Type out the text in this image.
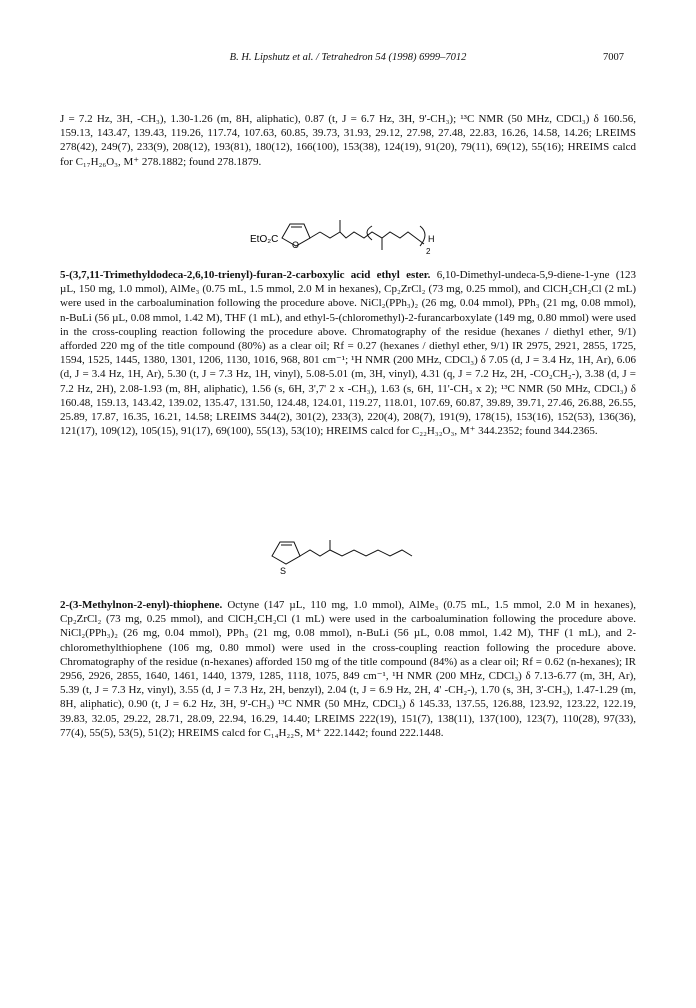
B. H. Lipshutz et al. / Tetrahedron 54 (1998) 6999–7012	7007

J = 7.2 Hz, 3H, -CH₃), 1.30-1.26 (m, 8H, aliphatic), 0.87 (t, J = 6.7 Hz, 3H, 9'-CH₃); ¹³C NMR (50 MHz, CDCl₃) δ 160.56, 159.13, 143.47, 139.43, 119.26, 117.74, 107.63, 60.85, 39.73, 31.93, 29.12, 27.98, 27.48, 22.83, 16.26, 14.58, 14.26; LREIMS 278(42), 249(7), 233(9), 208(12), 193(81), 180(12), 166(100), 153(38), 124(19), 91(20), 79(11), 69(12), 55(16); HREIMS calcd for C₁₇H₂₆O₃, M⁺ 278.1882; found 278.1879.

EtO₂C O
H
2

5-(3,7,11-Trimethyldodeca-2,6,10-trienyl)-furan-2-carboxylic acid ethyl ester. 6,10-Dimethyl-undeca-5,9-diene-1-yne (123 µL, 150 mg, 1.0 mmol), AlMe₃ (0.75 mL, 1.5 mmol, 2.0 M in hexanes), Cp₂ZrCl₂ (73 mg, 0.25 mmol), and ClCH₂CH₂Cl (2 mL) were used in the carboalumination following the procedure above. NiCl₂(PPh₃)₂ (26 mg, 0.04 mmol), PPh₃ (21 mg, 0.08 mmol), n-BuLi (56 µL, 0.08 mmol, 1.42 M), THF (1 mL), and ethyl-5-(chloromethyl)-2-furancarboxylate (149 mg, 0.80 mmol) were used in the cross-coupling reaction following the procedure above. Chromatography of the residue (hexanes / diethyl ether, 9/1) afforded 220 mg of the title compound (80%) as a clear oil; Rf = 0.27 (hexanes / diethyl ether, 9/1) IR 2975, 2921, 2855, 1725, 1594, 1525, 1445, 1380, 1301, 1206, 1130, 1016, 968, 801 cm⁻¹; ¹H NMR (200 MHz, CDCl₃) δ 7.05 (d, J = 3.4 Hz, 1H, Ar), 6.06 (d, J = 3.4 Hz, 1H, Ar), 5.30 (t, J = 7.3 Hz, 1H, vinyl), 5.08-5.01 (m, 3H, vinyl), 4.31 (q, J = 7.2 Hz, 2H, -CO₂CH₂-), 3.38 (d, J = 7.2 Hz, 2H), 2.08-1.93 (m, 8H, aliphatic), 1.56 (s, 6H, 3',7' 2 x -CH₃), 1.63 (s, 6H, 11'-CH₃ x 2); ¹³C NMR (50 MHz, CDCl₃) δ 160.48, 159.13, 143.42, 139.02, 135.47, 131.50, 124.48, 124.01, 119.27, 118.01, 107.69, 60.87, 39.89, 39.71, 27.46, 26.88, 26.55, 25.89, 17.87, 16.35, 16.21, 14.58; LREIMS 344(2), 301(2), 233(3), 220(4), 208(7), 191(9), 178(15), 153(16), 152(53), 136(36), 121(17), 109(12), 105(15), 91(17), 69(100), 55(13), 53(10); HREIMS calcd for C₂₂H₃₂O₃, M⁺ 344.2352; found 344.2365.

S

2-(3-Methylnon-2-enyl)-thiophene. Octyne (147 µL, 110 mg, 1.0 mmol), AlMe₃ (0.75 mL, 1.5 mmol, 2.0 M in hexanes), Cp₂ZrCl₂ (73 mg, 0.25 mmol), and ClCH₂CH₂Cl (1 mL) were used in the carboalumination following the procedure above. NiCl₂(PPh₃)₂ (26 mg, 0.04 mmol), PPh₃ (21 mg, 0.08 mmol), n-BuLi (56 µL, 0.08 mmol, 1.42 M), THF (1 mL), and 2-chloromethylthiophene (106 mg, 0.80 mmol) were used in the cross-coupling reaction following the procedure above. Chromatography of the residue (n-hexanes) afforded 150 mg of the title compound (84%) as a clear oil; Rf = 0.62 (n-hexanes); IR 2956, 2926, 2855, 1640, 1461, 1440, 1379, 1285, 1118, 1075, 849 cm⁻¹, ¹H NMR (200 MHz, CDCl₃) δ 7.13-6.77 (m, 3H, Ar), 5.39 (t, J = 7.3 Hz, vinyl), 3.55 (d, J = 7.3 Hz, 2H, benzyl), 2.04 (t, J = 6.9 Hz, 2H, 4' -CH₂-), 1.70 (s, 3H, 3'-CH₃), 1.47-1.29 (m, 8H, aliphatic), 0.90 (t, J = 6.2 Hz, 3H, 9'-CH₃) ¹³C NMR (50 MHz, CDCl₃) δ 145.33, 137.55, 126.88, 123.92, 123.22, 122.19, 39.83, 32.05, 29.22, 28.71, 28.09, 22.94, 16.29, 14.40; LREIMS 222(19), 151(7), 138(11), 137(100), 123(7), 110(28), 97(33), 77(4), 55(5), 53(5), 51(2); HREIMS calcd for C₁₄H₂₂S, M⁺ 222.1442; found 222.1448.
